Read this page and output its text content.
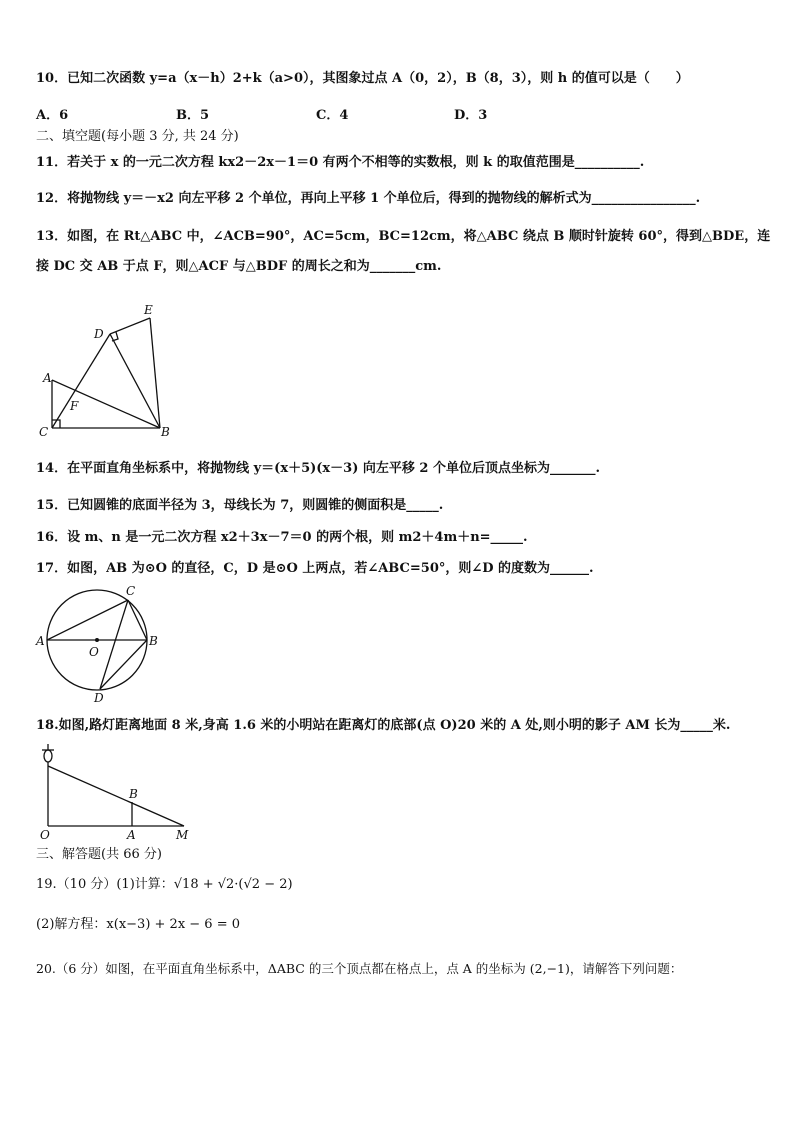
10．已知二次函数 y=a（x－h）2+k（a>0），其图象过点 A（0，2），B（8，3），则 h 的值可以是（　　）
A．6	B．5	C．4	D．3
二、填空题(每小题 3 分, 共 24 分)
11．若关于 x 的一元二次方程 kx2－2x－1＝0 有两个不相等的实数根，则 k 的取值范围是__________.
12．将抛物线 y＝－x2 向左平移 2 个单位，再向上平移 1 个单位后，得到的抛物线的解析式为________________.
13．如图，在 Rt△ABC 中，∠ACB=90°，AC=5cm，BC=12cm，将△ABC 绕点 B 顺时针旋转 60°，得到△BDE，连
接 DC 交 AB 于点 F，则△ACF 与△BDF 的周长之和为_______cm.
A
C	B
D
E
F
14．在平面直角坐标系中，将抛物线 y＝(x＋5)(x－3) 向左平移 2 个单位后顶点坐标为_______.
15．已知圆锥的底面半径为 3，母线长为 7，则圆锥的侧面积是_____.
16．设 m、n 是一元二次方程 x2＋3x－7＝0 的两个根，则 m2＋4m＋n=_____.
17．如图，AB 为⊙O 的直径，C，D 是⊙O 上两点，若∠ABC=50°，则∠D 的度数为______.
A	B
C
O
D
18.如图,路灯距离地面 8 米,身高 1.6 米的小明站在距离灯的底部(点 O)20 米的 A 处,则小明的影子 AM 长为_____米.
O	A
B
M
三、解答题(共 66 分)
19.（10 分）(1)计算：√18 + √2·(√2 − 2)
(2)解方程：x(x−3) + 2x − 6 = 0
20.（6 分）如图，在平面直角坐标系中，ΔABC 的三个顶点都在格点上，点 A 的坐标为 (2,−1)，请解答下列问题：
